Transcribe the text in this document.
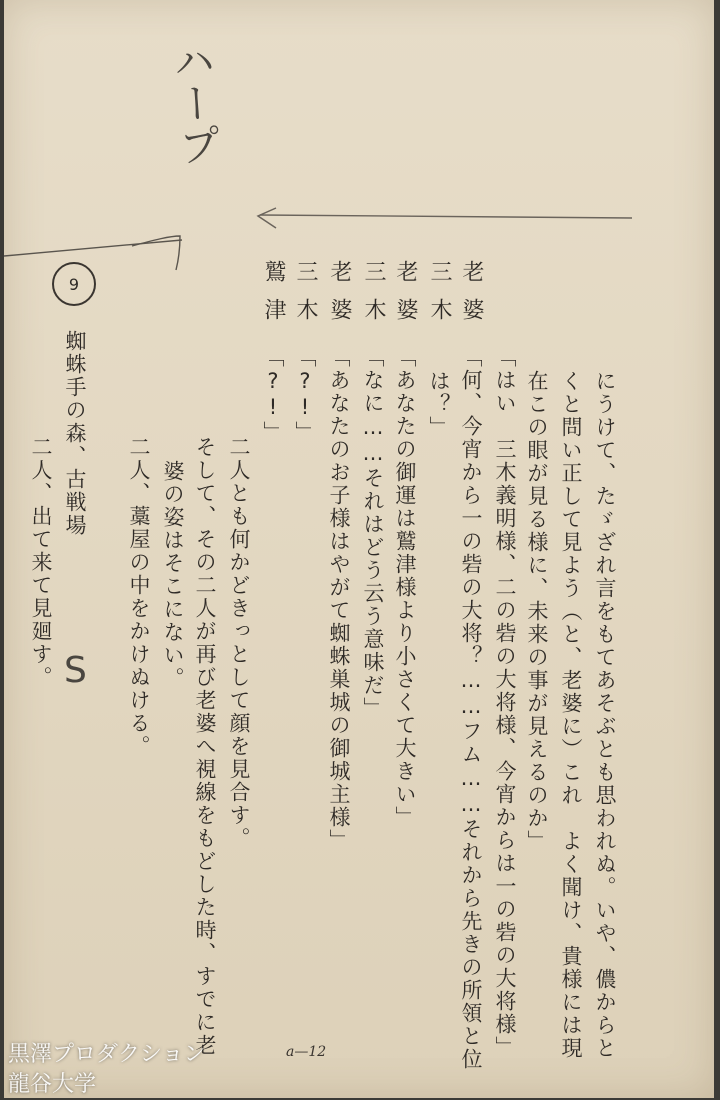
ハープ
老婆
三木
老婆
三木
老婆
三木
鷲津
にうけて、たゞざれ言をもてあそぶとも思われぬ。いや、儂からと
くと問い正して見よう（と、老婆に）これ　よく聞け、貴様には現
在この眼が見る様に、未来の事が見えるのか」
「はい　三木義明様、二の砦の大将様、今宵からは一の砦の大将様」
「何、今宵から一の砦の大将？……フム……それから先きの所領と位
は？」
「あなたの御運は鷲津様より小さくて大きい」
「なに……それはどう云う意味だ」
「あなたのお子様はやがて蜘蛛巣城の御城主様」
「?!」
「?!」
二人とも何かどきっとして顔を見合す。
そして、その二人が再び老婆へ視線をもどした時、すでに老
婆の姿はそこにない。
二人、藁屋の中をかけぬける。
蜘蛛手の森、古戦場
二人、出て来て見廻す。
9
S
a—12
黒澤プロダクション
龍谷大学
